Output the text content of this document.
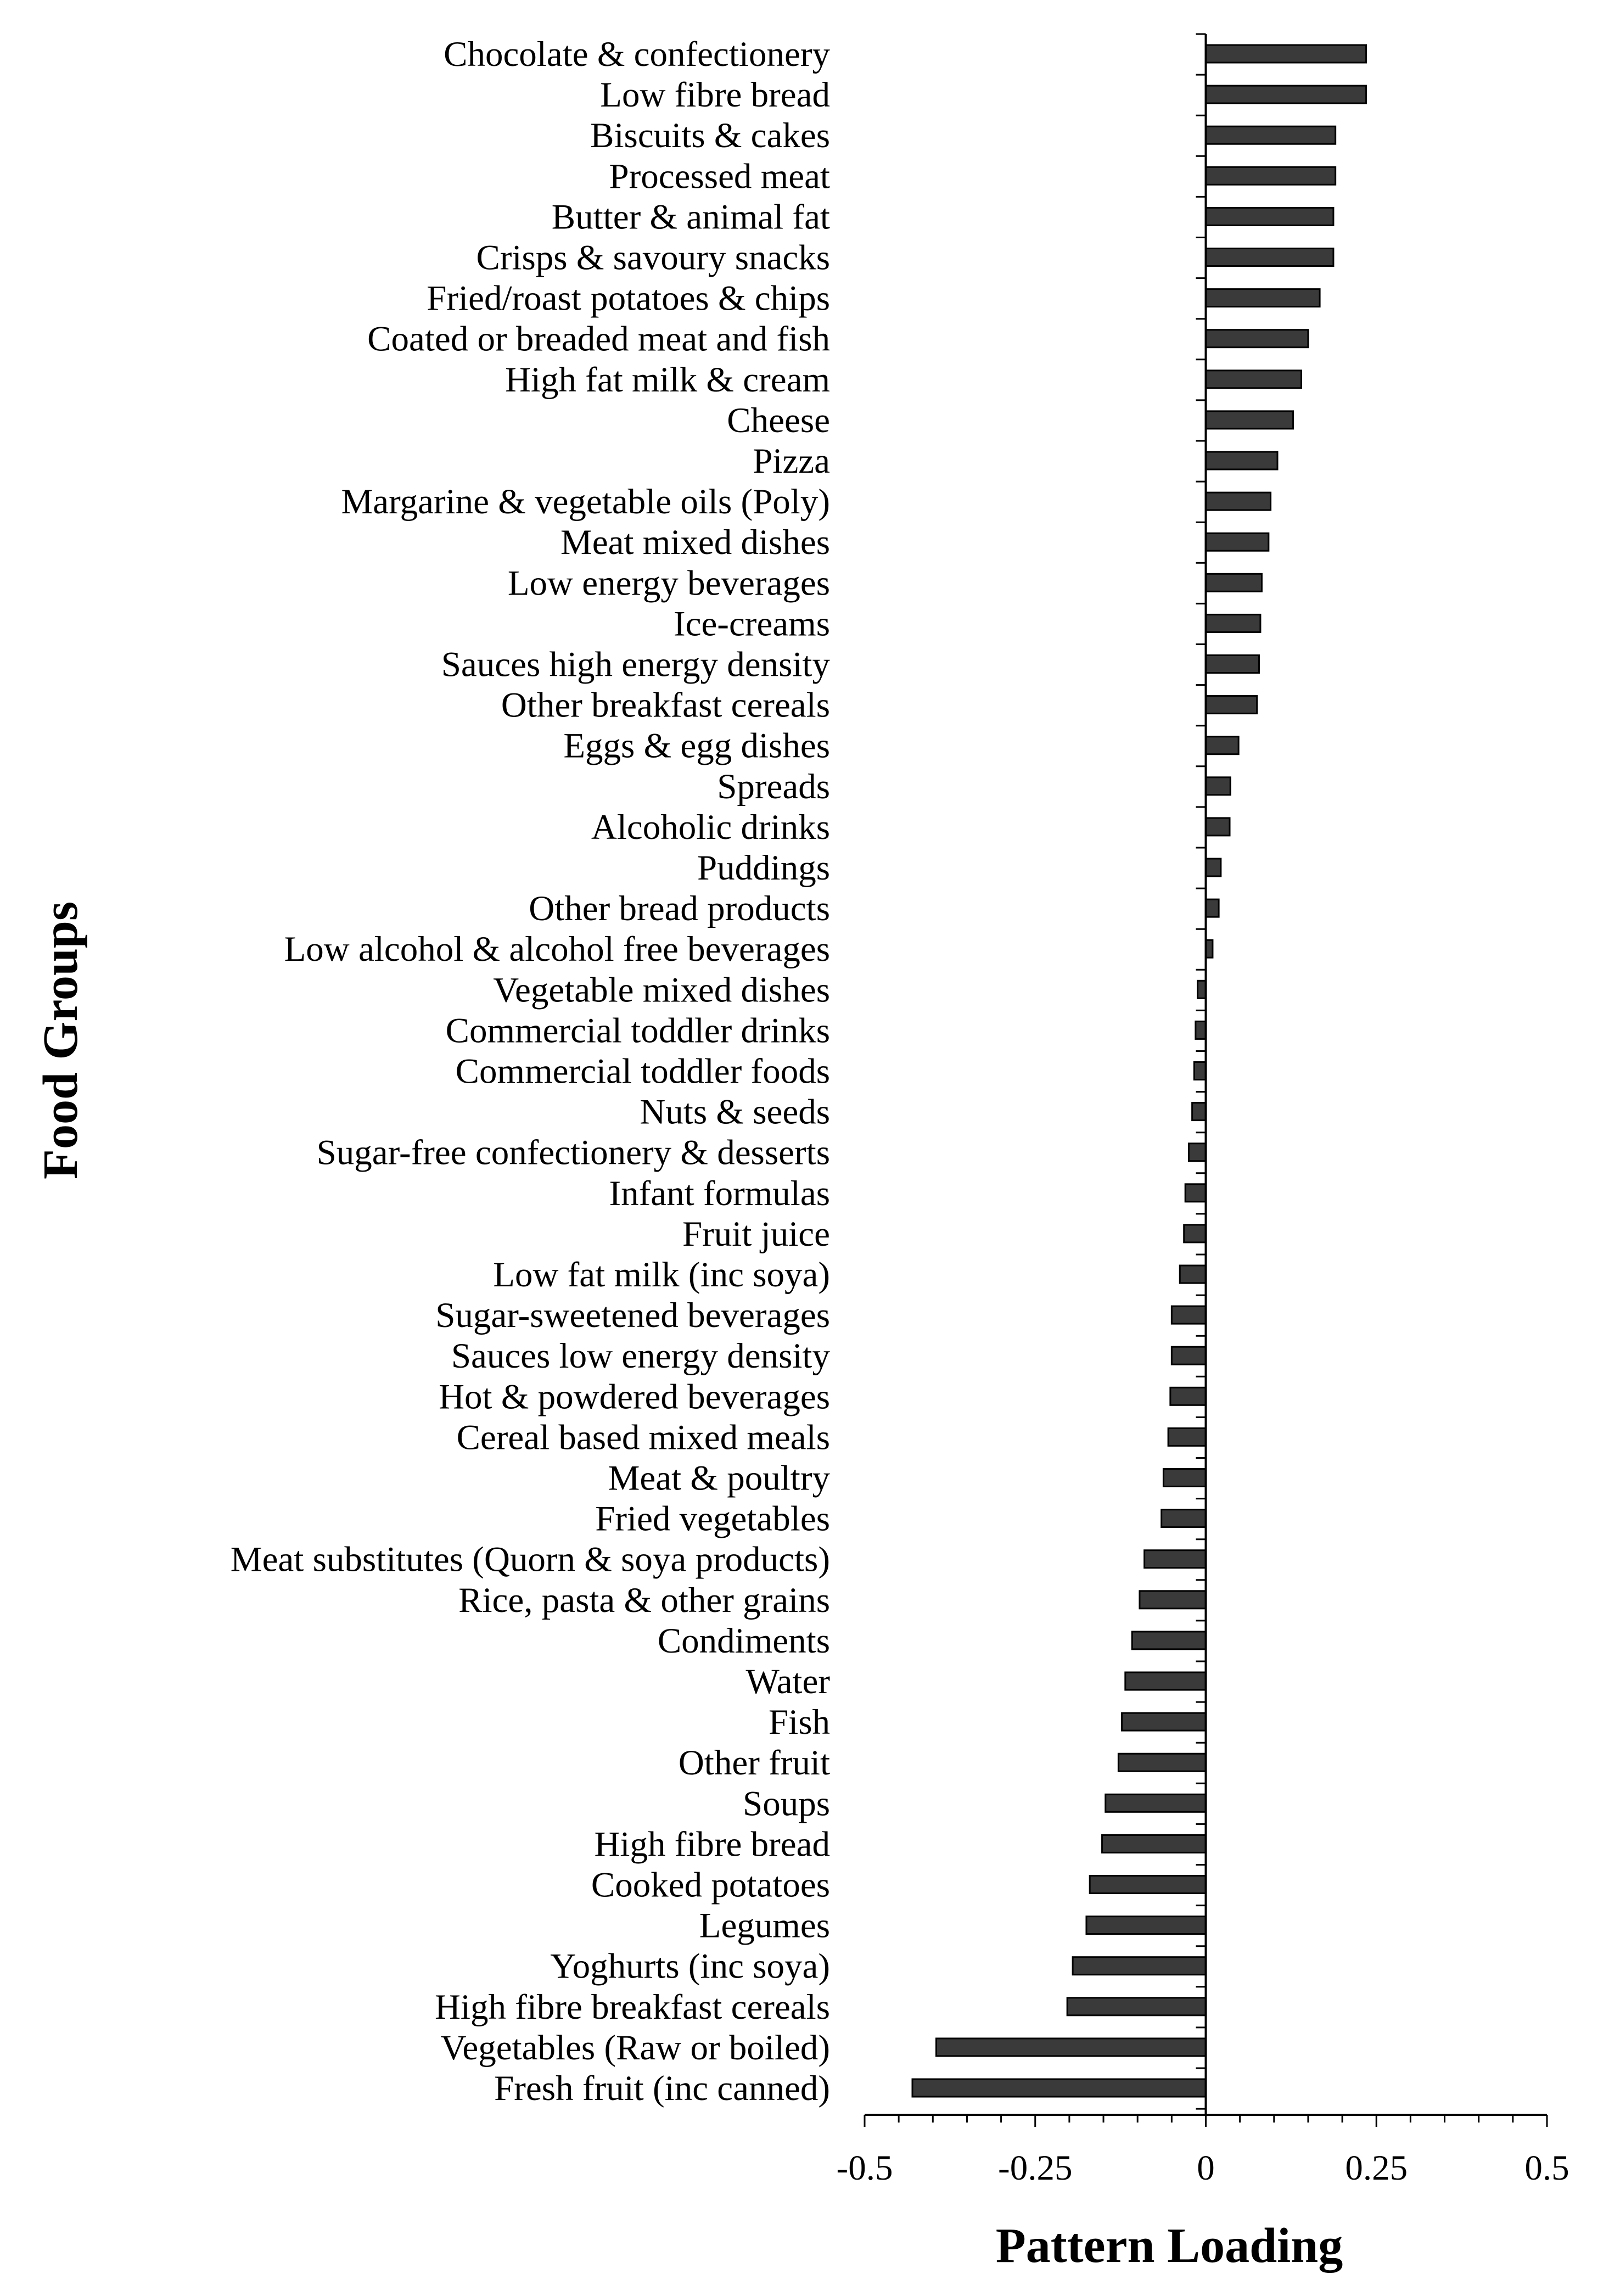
Chocolate & confectionery
Low fibre bread
Biscuits & cakes
Processed meat
Butter & animal fat
Crisps & savoury snacks
Fried/roast potatoes & chips
Coated or breaded meat and fish
High fat milk & cream
Cheese
Pizza
Margarine & vegetable oils (Poly)
Meat mixed dishes
Low energy beverages
Ice-creams
Sauces high energy density
Other breakfast cereals
Eggs & egg dishes
Spreads
Alcoholic drinks
Puddings
Other bread products
Low alcohol & alcohol free beverages
Vegetable mixed dishes
Commercial toddler drinks
Commercial toddler foods
Nuts & seeds
Sugar-free confectionery & desserts
Infant formulas
Fruit juice
Low fat milk (inc soya)
Sugar-sweetened beverages
Sauces low energy density
Hot & powdered beverages
Cereal based mixed meals
Meat & poultry
Fried vegetables
Meat substitutes (Quorn & soya products)
Rice, pasta & other grains
Condiments
Water
Fish
Other fruit
Soups
High fibre bread
Cooked potatoes
Legumes
Yoghurts (inc soya)
High fibre breakfast cereals
Vegetables (Raw or boiled)
Fresh fruit (inc canned)
-0.5	-0.25	0	0.25	0.5
Pattern Loading
Food Groups
